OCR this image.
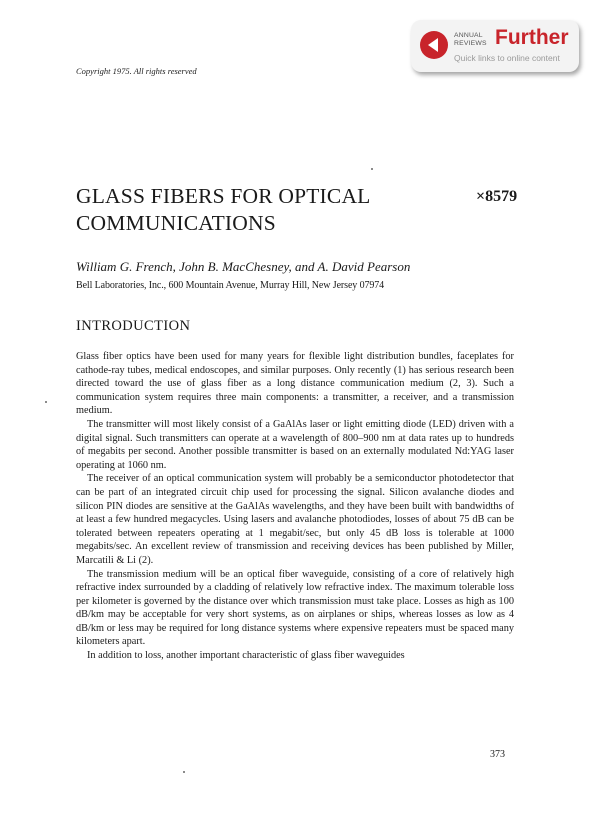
Copyright 1975. All rights reserved
ANNUAL
REVIEWS Further
Quick links to online content
GLASS FIBERS FOR OPTICAL
COMMUNICATIONS
×8579
William G. French, John B. MacChesney, and A. David Pearson
Bell Laboratories, Inc., 600 Mountain Avenue, Murray Hill, New Jersey 07974
INTRODUCTION

Glass fiber optics have been used for many years for flexible light distribution bundles, faceplates for cathode-ray tubes, medical endoscopes, and similar purposes. Only recently (1) has serious research been directed toward the use of glass fiber as a long distance communication medium (2, 3). Such a communication system requires three main components: a transmitter, a receiver, and a transmission medium.

The transmitter will most likely consist of a GaAlAs laser or light emitting diode (LED) driven with a digital signal. Such transmitters can operate at a wavelength of 800–900 nm at data rates up to hundreds of megabits per second. Another possible transmitter is based on an externally modulated Nd:YAG laser operating at 1060 nm.

The receiver of an optical communication system will probably be a semiconductor photodetector that can be part of an integrated circuit chip used for processing the signal. Silicon avalanche diodes and silicon PIN diodes are sensitive at the GaAlAs wavelengths, and they have been built with bandwidths of at least a few hundred megacycles. Using lasers and avalanche photodiodes, losses of about 75 dB can be tolerated between repeaters operating at 1 megabit/sec, but only 45 dB loss is tolerable at 1000 megabits/sec. An excellent review of transmission and receiving devices has been published by Miller, Marcatili & Li (2).

The transmission medium will be an optical fiber waveguide, consisting of a core of relatively high refractive index surrounded by a cladding of relatively low refractive index. The maximum tolerable loss per kilometer is governed by the distance over which transmission must take place. Losses as high as 100 dB/km may be acceptable for very short systems, as on airplanes or ships, whereas losses as low as 4 dB/km or less may be required for long distance systems where expensive repeaters must be spaced many kilometers apart.

In addition to loss, another important characteristic of glass fiber waveguides

373
